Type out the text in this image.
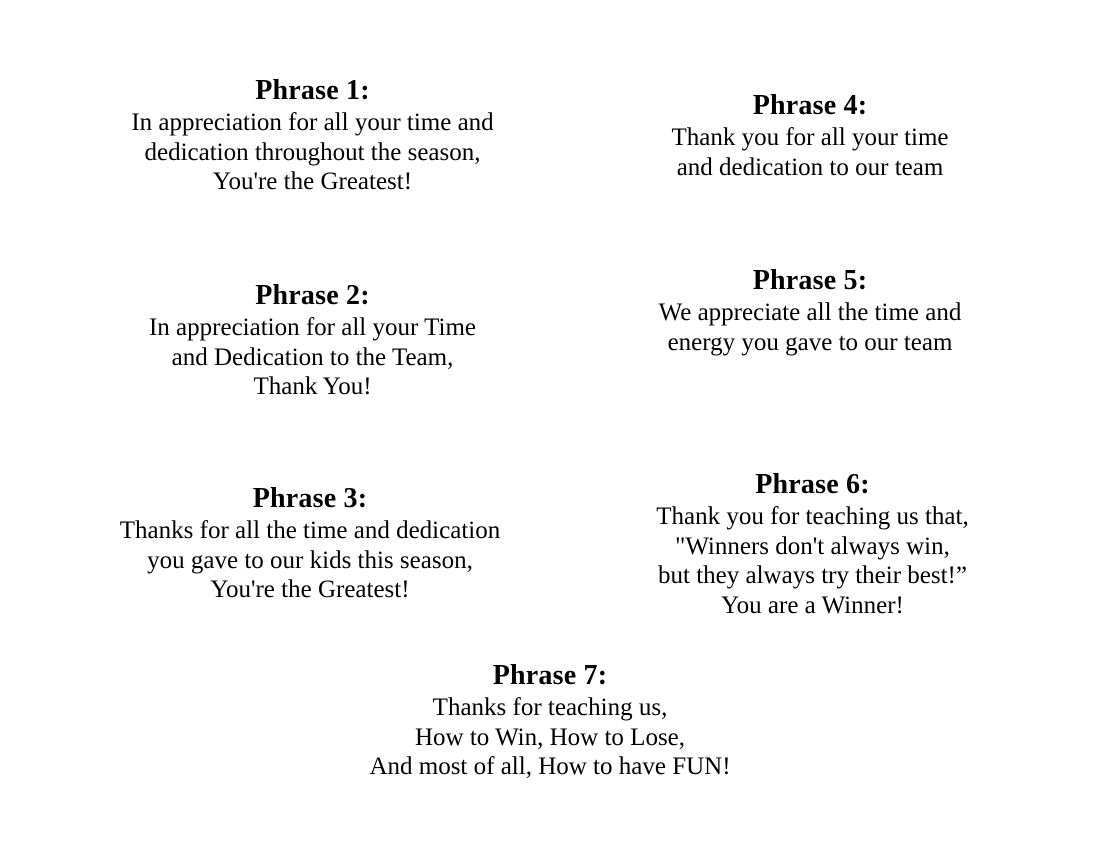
Phrase 1:
In appreciation for all your time and
dedication throughout the season,
You're the Greatest!
Phrase 2:
In appreciation for all your Time
and Dedication to the Team,
Thank You!
Phrase 3:
Thanks for all the time and dedication
you gave to our kids this season,
You're the Greatest!
Phrase 4:
Thank you for all your time
and dedication to our team
Phrase 5:
We appreciate all the time and
energy you gave to our team
Phrase 6:
Thank you for teaching us that,
"Winners don't always win,
but they always try their best!”
You are a Winner!
Phrase 7:
Thanks for teaching us,
How to Win, How to Lose,
And most of all, How to have FUN!
